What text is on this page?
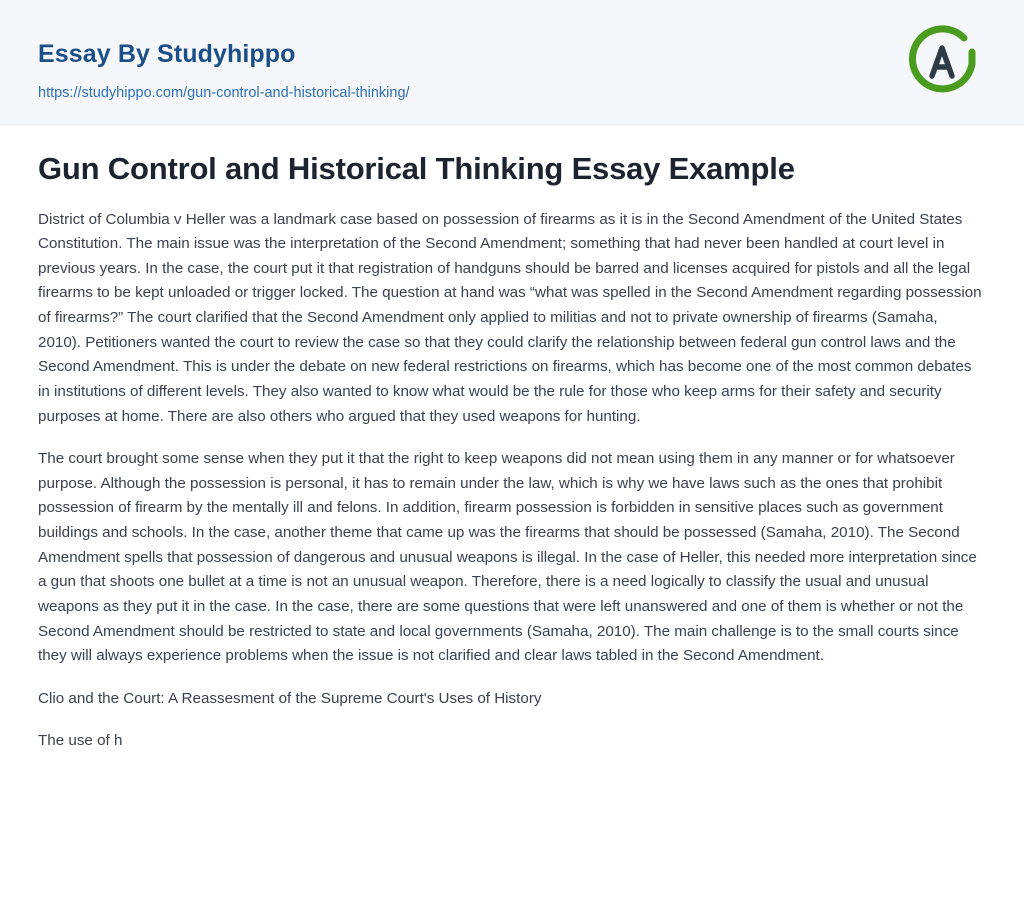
Essay By Studyhippo
https://studyhippo.com/gun-control-and-historical-thinking/
Gun Control and Historical Thinking Essay Example

District of Columbia v Heller was a landmark case based on possession of firearms as it is in the Second Amendment of the United States Constitution. The main issue was the interpretation of the Second Amendment; something that had never been handled at court level in previous years. In the case, the court put it that registration of handguns should be barred and licenses acquired for pistols and all the legal firearms to be kept unloaded or trigger locked. The question at hand was “what was spelled in the Second Amendment regarding possession of firearms?” The court clarified that the Second Amendment only applied to militias and not to private ownership of firearms (Samaha, 2010). Petitioners wanted the court to review the case so that they could clarify the relationship between federal gun control laws and the Second Amendment. This is under the debate on new federal restrictions on firearms, which has become one of the most common debates in institutions of different levels. They also wanted to know what would be the rule for those who keep arms for their safety and security purposes at home. There are also others who argued that they used weapons for hunting.

The court brought some sense when they put it that the right to keep weapons did not mean using them in any manner or for whatsoever purpose. Although the possession is personal, it has to remain under the law, which is why we have laws such as the ones that prohibit possession of firearm by the mentally ill and felons. In addition, firearm possession is forbidden in sensitive places such as government buildings and schools. In the case, another theme that came up was the firearms that should be possessed (Samaha, 2010). The Second Amendment spells that possession of dangerous and unusual weapons is illegal. In the case of Heller, this needed more interpretation since a gun that shoots one bullet at a time is not an unusual weapon. Therefore, there is a need logically to classify the usual and unusual weapons as they put it in the case. In the case, there are some questions that were left unanswered and one of them is whether or not the Second Amendment should be restricted to state and local governments (Samaha, 2010). The main challenge is to the small courts since they will always experience problems when the issue is not clarified and clear laws tabled in the Second Amendment.

Clio and the Court: A Reassesment of the Supreme Court's Uses of History

The use of h
